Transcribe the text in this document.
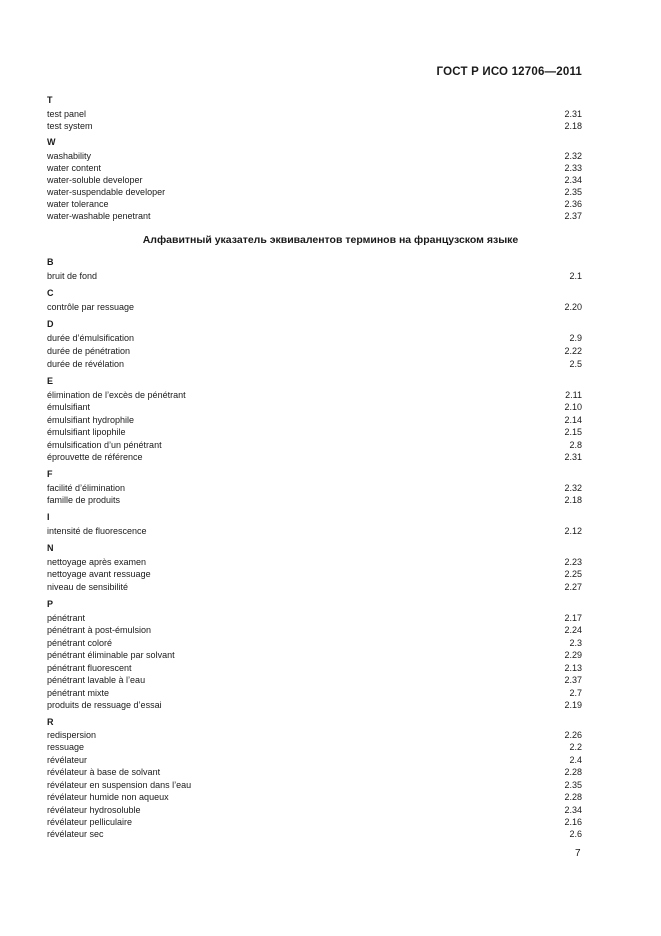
ГОСТ Р ИСО 12706—2011
T
test panel	2.31
test system	2.18
W
washability	2.32
water content	2.33
water-soluble developer	2.34
water-suspendable developer	2.35
water tolerance	2.36
water-washable penetrant	2.37
Алфавитный указатель эквивалентов терминов на французском языке
B
bruit de fond	2.1
C
contrôle par ressuage	2.20
D
durée d’émulsification	2.9
durée de pénétration	2.22
durée de révélation	2.5
E
élimination de l’excès de pénétrant	2.11
émulsifiant	2.10
émulsifiant hydrophile	2.14
émulsifiant lipophile	2.15
émulsification d’un pénétrant	2.8
éprouvette de référence	2.31
F
facilité d’élimination	2.32
famille de produits	2.18
I
intensité de fluorescence	2.12
N
nettoyage après examen	2.23
nettoyage avant ressuage	2.25
niveau de sensibilité	2.27
P
pénétrant	2.17
pénétrant à post-émulsion	2.24
pénétrant coloré	2.3
pénétrant éliminable par solvant	2.29
pénétrant fluorescent	2.13
pénétrant lavable à l’eau	2.37
pénétrant mixte	2.7
produits de ressuage d’essai	2.19
R
redispersion	2.26
ressuage	2.2
révélateur	2.4
révélateur à base de solvant	2.28
révélateur en suspension dans l’eau	2.35
révélateur humide non aqueux	2.28
révélateur hydrosoluble	2.34
révélateur pelliculaire	2.16
révélateur sec	2.6
7
